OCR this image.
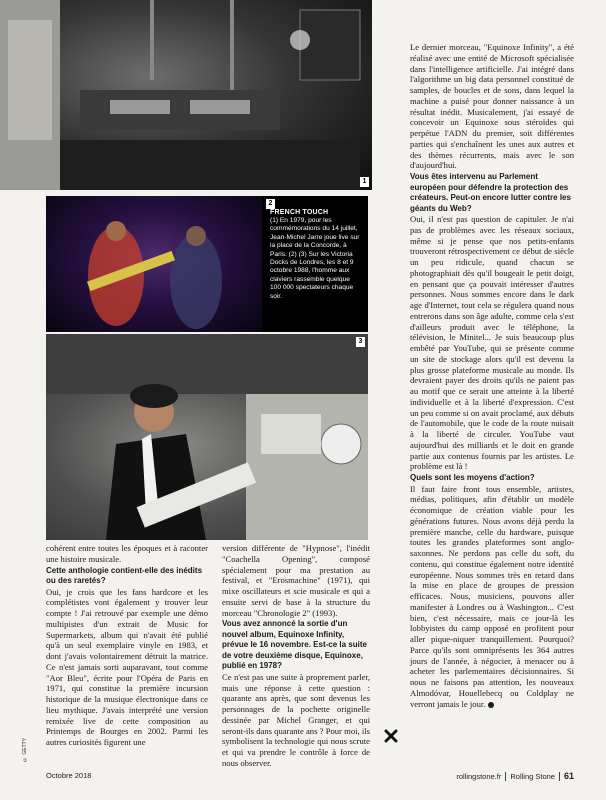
1
2
FRENCH TOUCH
(1) En 1979, pour les commémorations du 14 juillet, Jean-Michel Jarre joue live sur la place de la Concorde, à Paris. (2) (3) Sur les Victoria Docks de Londres, les 8 et 9 octobre 1988, l'homme aux claviers rassemble quelque 100 000 spectateurs chaque soir.
3

Le dernier morceau, "Equinoxe Infinity", a été réalisé avec une entité de Microsoft spécialisée dans l'intelligence artificielle. J'ai intégré dans l'algorithme un big data personnel constitué de samples, de boucles et de sons, dans lequel la machine a puisé pour donner naissance à un résultat inédit. Musicalement, j'ai essayé de concevoir un Equinoxe sous stéroïdes qui perpétue l'ADN du premier, soit différentes parties qui s'enchaînent les unes aux autres et des thèmes récurrents, mais avec le son d'aujourd'hui.

Vous êtes intervenu au Parlement européen pour défendre la protection des créateurs. Peut-on encore lutter contre les géants du Web?

Oui, il n'est pas question de capituler. Je n'ai pas de problèmes avec les réseaux sociaux, même si je pense que nos petits-enfants trouveront rétrospectivement ce début de siècle un peu ridicule, quand chacun se photographiait dès qu'il bougeait le petit doigt, en pensant que ça pouvait intéresser d'autres personnes. Nous sommes encore dans le dark age d'Internet, tout cela se régulera quand nous entrerons dans son âge adulte, comme cela s'est d'ailleurs produit avec le téléphone, la télévision, le Minitel... Je suis beaucoup plus embêté par YouTube, qui se présente comme un site de stockage alors qu'il est devenu la plus grosse plateforme musicale au monde. Ils devraient payer des droits qu'ils ne paient pas au motif que ce serait une atteinte à la liberté individuelle et à la liberté d'expression. C'est un peu comme si on avait proclamé, aux débuts de l'automobile, que le code de la route nuisait à la liberté de circuler. YouTube vaut aujourd'hui des milliards et le doit en grande partie aux contenus fournis par les artistes. Le problème est là !

Quels sont les moyens d'action?

Il faut faire front tous ensemble, artistes, médias, politiques, afin d'établir un modèle économique de création viable pour les générations futures. Nous avons déjà perdu la première manche, celle du hardware, puisque toutes les grandes plateformes sont anglo-saxonnes. Ne perdons pas celle du soft, du contenu, qui constitue également notre identité européenne. Nous sommes très en retard dans la mise en place de groupes de pression efficaces. Nous, musiciens, pouvons aller manifester à Londres ou à Washington... C'est bien, c'est nécessaire, mais ce jour-là les lobbyistes du camp opposé en profitent pour aller pique-niquer tranquillement. Pourquoi? Parce qu'ils sont omniprésents les 364 autres jours de l'année, à négocier, à menacer ou à acheter les parlementaires décisionnaires. Si nous ne faisons pas attention, les nouveaux Almodóvar, Houellebecq ou Coldplay ne verront jamais le jour.

cohérent entre toutes les époques et à raconter une histoire musicale.

Cette anthologie contient-elle des inédits ou des raretés?

Oui, je crois que les fans hardcore et les complétistes vont également y trouver leur compte ! J'ai retrouvé par exemple une démo multipistes d'un extrait de Music for Supermarkets, album qui n'avait été publié qu'à un seul exemplaire vinyle en 1983, et dont j'avais volontairement détruit la matrice. Ce n'est jamais sorti auparavant, tout comme "Aor Bleu", écrite pour l'Opéra de Paris en 1971, qui constitue la première incursion historique de la musique électronique dans ce lieu mythique. J'avais interprété une version remixée live de cette composition au Printemps de Bourges en 2002. Parmi les autres curiosités figurent une

version différente de "Hypnose", l'inédit "Coachella Opening", composé spécialement pour ma prestation au festival, et "Erosmachine" (1971), qui mixe oscillateurs et scie musicale et qui a ensuite servi de base à la structure du morceau "Chronologie 2" (1993).

Vous avez annoncé la sortie d'un nouvel album, Equinoxe Infinity, prévue le 16 novembre. Est-ce la suite de votre deuxième disque, Equinoxe, publié en 1978?

Ce n'est pas une suite à proprement parler, mais une réponse à cette question : quarante ans après, que sont devenus les personnages de la pochette originelle dessinée par Michel Granger, et qui seront-ils dans quarante ans ? Pour moi, ils symbolisent la technologie qui nous scrute et qui va prendre le contrôle à force de nous observer.

© GETTY
Octobre 2018	rollingstone.fr Rolling Stone 61
